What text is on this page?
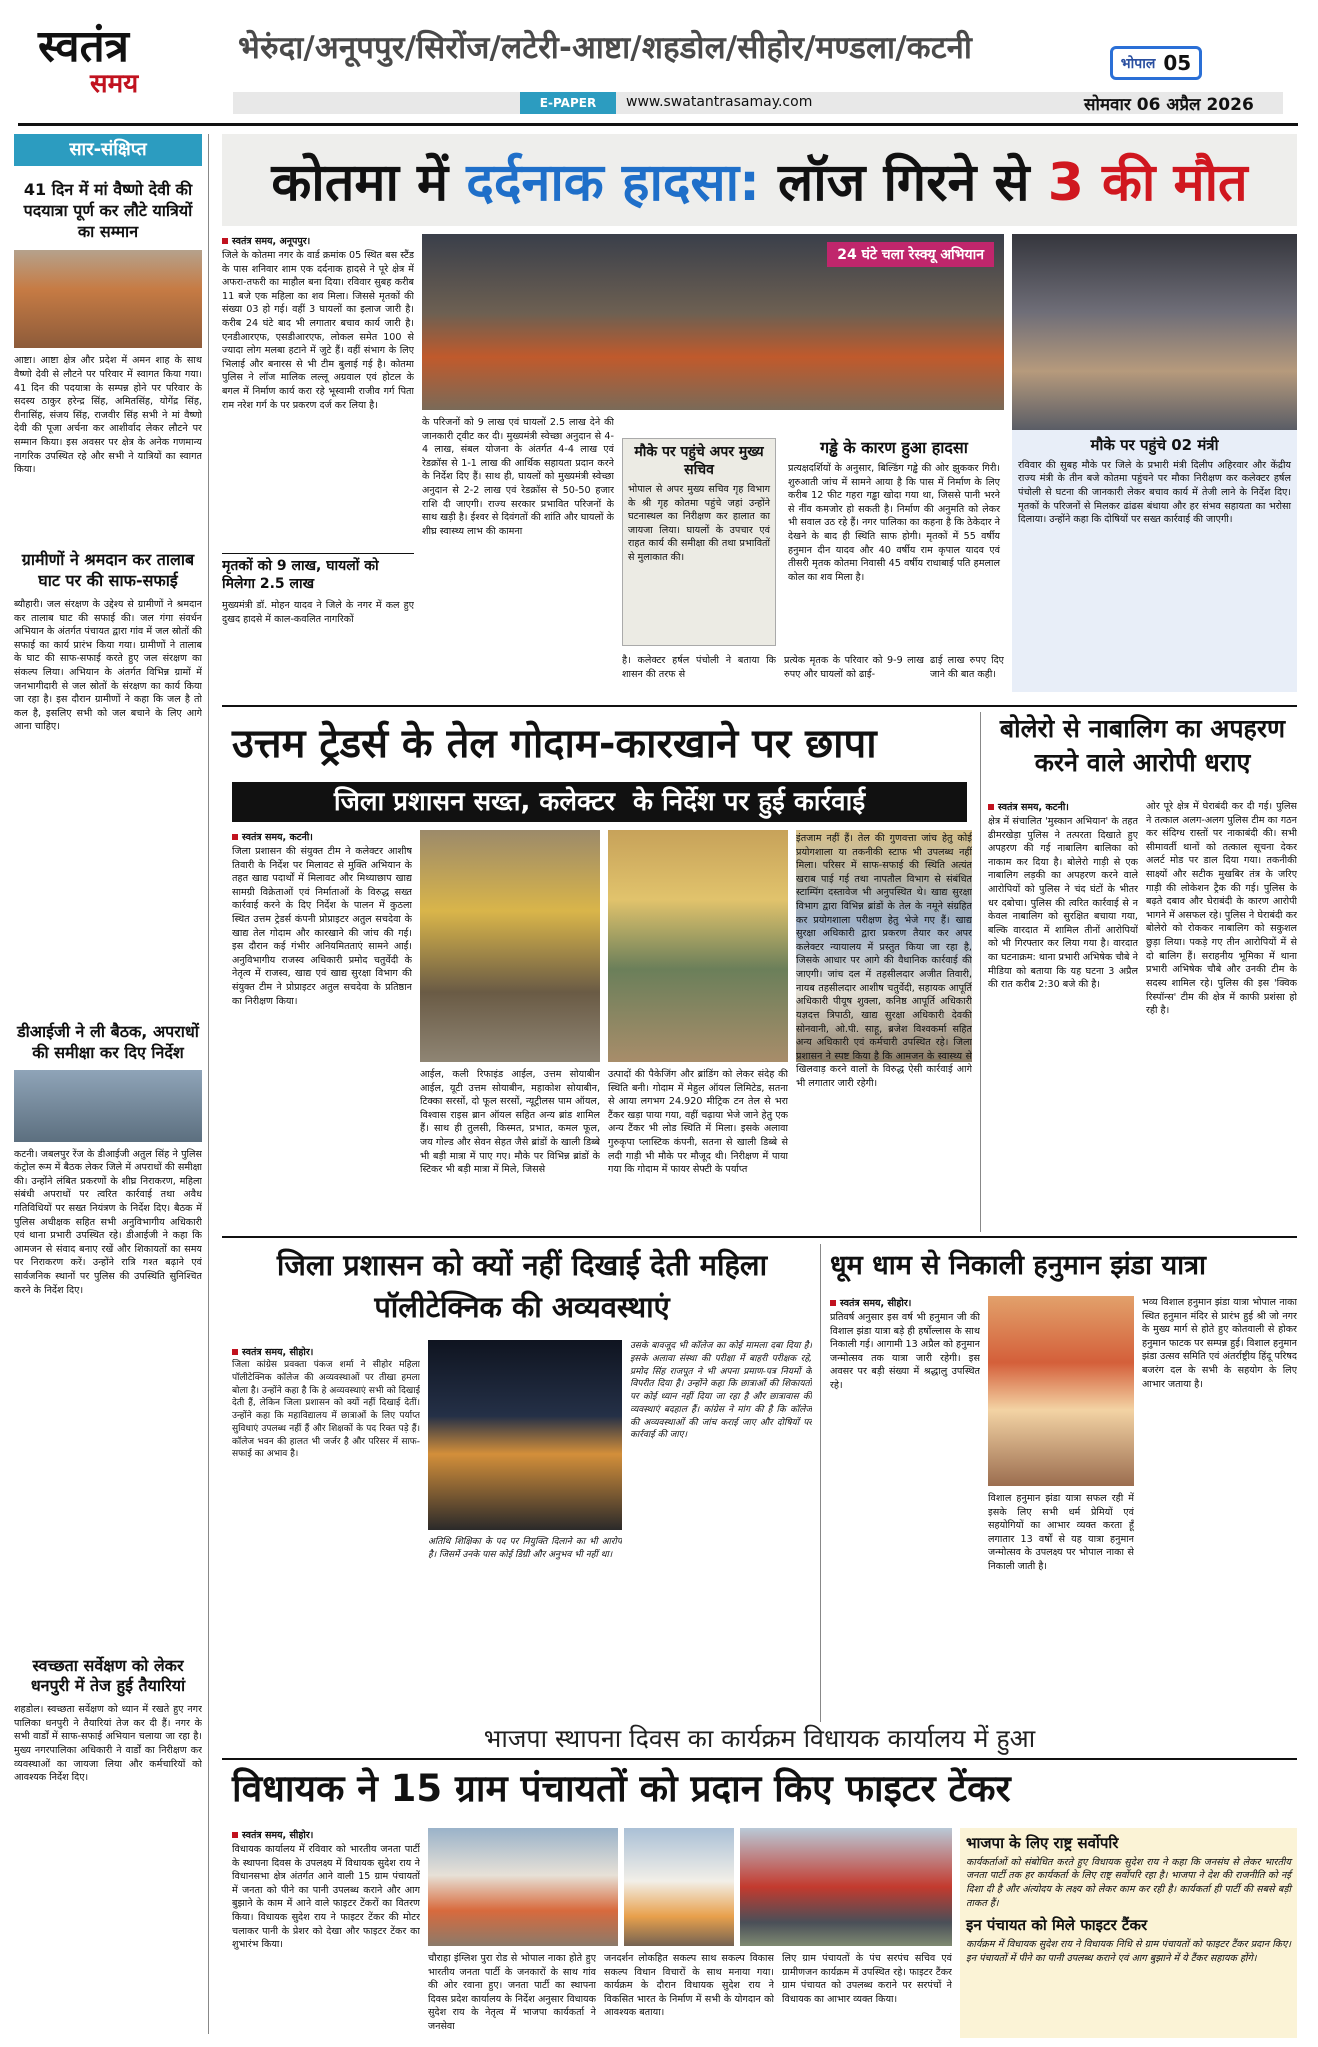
स्वतंत्र
समय
भेरुंदा/अनूपपुर/सिरोंज/लटेरी-आष्टा/शहडोल/सीहोर/मण्डला/कटनी	भोपाल 05
E-PAPER	www.swatantrasamay.com	सोमवार 06 अप्रैल 2026
सार-संक्षिप्त
41 दिन में मां वैष्णो देवी की पदयात्रा पूर्ण कर लौटे यात्रियों का सम्मान
आष्टा। आष्टा क्षेत्र और प्रदेश में अमन शाह के साथ वैष्णो देवी से लौटने पर परिवार में स्वागत किया गया। 41 दिन की पदयात्रा के सम्पन्न होने पर परिवार के सदस्य ठाकुर हरेन्द्र सिंह, अमितसिंह, योगेंद्र सिंह, रीनासिंह, संजय सिंह, राजवीर सिंह सभी ने मां वैष्णो देवी की पूजा अर्चना कर आशीर्वाद लेकर लौटने पर सम्मान किया। इस अवसर पर क्षेत्र के अनेक गणमान्य नागरिक उपस्थित रहे और सभी ने यात्रियों का स्वागत किया।
ग्रामीणों ने श्रमदान कर तालाब घाट पर की साफ-सफाई
ब्यौहारी। जल संरक्षण के उद्देश्य से ग्रामीणों ने श्रमदान कर तालाब घाट की सफाई की। जल गंगा संवर्धन अभियान के अंतर्गत पंचायत द्वारा गांव में जल स्रोतों की सफाई का कार्य प्रारंभ किया गया। ग्रामीणों ने तालाब के घाट की साफ-सफाई करते हुए जल संरक्षण का संकल्प लिया। अभियान के अंतर्गत विभिन्न ग्रामों में जनभागीदारी से जल स्रोतों के संरक्षण का कार्य किया जा रहा है। इस दौरान ग्रामीणों ने कहा कि जल है तो कल है, इसलिए सभी को जल बचाने के लिए आगे आना चाहिए।
डीआईजी ने ली बैठक, अपराधों की समीक्षा कर दिए निर्देश
कटनी। जबलपुर रेंज के डीआईजी अतुल सिंह ने पुलिस कंट्रोल रूम में बैठक लेकर जिले में अपराधों की समीक्षा की। उन्होंने लंबित प्रकरणों के शीघ्र निराकरण, महिला संबंधी अपराधों पर त्वरित कार्रवाई तथा अवैध गतिविधियों पर सख्त नियंत्रण के निर्देश दिए। बैठक में पुलिस अधीक्षक सहित सभी अनुविभागीय अधिकारी एवं थाना प्रभारी उपस्थित रहे। डीआईजी ने कहा कि आमजन से संवाद बनाए रखें और शिकायतों का समय पर निराकरण करें। उन्होंने रात्रि गश्त बढ़ाने एवं सार्वजनिक स्थानों पर पुलिस की उपस्थिति सुनिश्चित करने के निर्देश दिए।
स्वच्छता सर्वेक्षण को लेकर धनपुरी में तेज हुई तैयारियां
शहडोल। स्वच्छता सर्वेक्षण को ध्यान में रखते हुए नगर पालिका धनपुरी ने तैयारियां तेज कर दी हैं। नगर के सभी वार्डों में साफ-सफाई अभियान चलाया जा रहा है। मुख्य नगरपालिका अधिकारी ने वार्डों का निरीक्षण कर व्यवस्थाओं का जायजा लिया और कर्मचारियों को आवश्यक निर्देश दिए।
कोतमा में दर्दनाक हादसा: लॉज गिरने से 3 की मौत
स्वतंत्र समय, अनूपपुर।
जिले के कोतमा नगर के वार्ड क्रमांक 05 स्थित बस स्टैंड के पास शनिवार शाम एक दर्दनाक हादसे ने पूरे क्षेत्र में अफरा-तफरी का माहौल बना दिया। रविवार सुबह करीब 11 बजे एक महिला का शव मिला। जिससे मृतकों की संख्या 03 हो गई। वहीं 3 घायलों का इलाज जारी है। करीब 24 घंटे बाद भी लगातार बचाव कार्य जारी है। एनडीआरएफ, एसडीआरएफ, लोकल समेत 100 से ज्यादा लोग मलबा हटाने में जुटे हैं। वहीं संभाग के लिए भिलाई और बनारस से भी टीम बुलाई गई है। कोतमा पुलिस ने लॉज मालिक लल्लू अग्रवाल एवं होटल के बगल में निर्माण कार्य करा रहे भूस्वामी राजीव गर्ग पिता राम नरेश गर्ग के पर प्रकरण दर्ज कर लिया है।
मृतकों को 9 लाख, घायलों को मिलेगा 2.5 लाख
मुख्यमंत्री डॉ. मोहन यादव ने जिले के नगर में कल हुए दुखद हादसे में काल-कवलित नागरिकों
24 घंटे चला रेस्क्यू अभियान
के परिजनों को 9 लाख एवं घायलों 2.5 लाख देने की जानकारी ट्वीट कर दी। मुख्यमंत्री स्वेच्छा अनुदान से 4-4 लाख, संबल योजना के अंतर्गत 4-4 लाख एवं रेडक्रॉस से 1-1 लाख की आर्थिक सहायता प्रदान करने के निर्देश दिए हैं। साथ ही, घायलों को मुख्यमंत्री स्वेच्छा अनुदान से 2-2 लाख एवं रेडक्रॉस से 50-50 हजार राशि दी जाएगी। राज्य सरकार प्रभावित परिजनों के साथ खड़ी है। ईश्वर से दिवंगतों की शांति और घायलों के शीघ्र स्वास्थ्य लाभ की कामना
मौके पर पहुंचे अपर मुख्य सचिव
भोपाल से अपर मुख्य सचिव गृह विभाग के श्री गृह कोतमा पहुंचे जहां उन्होंने घटनास्थल का निरीक्षण कर हालात का जायजा लिया। घायलों के उपचार एवं राहत कार्य की समीक्षा की तथा प्रभावितों से मुलाकात की।
गड्ढे के कारण हुआ हादसा
प्रत्यक्षदर्शियों के अनुसार, बिल्डिंग गड्ढे की ओर झुककर गिरी। शुरुआती जांच में सामने आया है कि पास में निर्माण के लिए करीब 12 फीट गहरा गड्ढा खोदा गया था, जिससे पानी भरने से नींव कमजोर हो सकती है। निर्माण की अनुमति को लेकर भी सवाल उठ रहे हैं। नगर पालिका का कहना है कि ठेकेदार ने देखने के बाद ही स्थिति साफ होगी। मृतकों में 55 वर्षीय हनुमान दीन यादव और 40 वर्षीय राम कृपाल यादव एवं तीसरी मृतक कोतमा निवासी 45 वर्षीय राधाबाई पति हमलाल कोल का शव मिला है।
है। कलेक्टर हर्षल पंचोली ने बताया कि शासन की तरफ से
प्रत्येक मृतक के परिवार को 9-9 लाख रुपए और घायलों को ढाई-
ढाई लाख रुपए दिए जाने की बात कही।
मौके पर पहुंचे 02 मंत्री
रविवार की सुबह मौके पर जिले के प्रभारी मंत्री दिलीप अहिरवार और केंद्रीय राज्य मंत्री के तीन बजे कोतमा पहुंचने पर मौका निरीक्षण कर कलेक्टर हर्षल पंचोली से घटना की जानकारी लेकर बचाव कार्य में तेजी लाने के निर्देश दिए। मृतकों के परिजनों से मिलकर ढांढस बंधाया और हर संभव सहायता का भरोसा दिलाया। उन्होंने कहा कि दोषियों पर सख्त कार्रवाई की जाएगी।
उत्तम ट्रेडर्स के तेल गोदाम-कारखाने पर छापा
जिला प्रशासन सख्त, कलेक्टर  के निर्देश पर हुई कार्रवाई
स्वतंत्र समय, कटनी।
जिला प्रशासन की संयुक्त टीम ने कलेक्टर आशीष तिवारी के निर्देश पर मिलावट से मुक्ति अभियान के तहत खाद्य पदार्थों में मिलावट और मिथ्याछाप खाद्य सामग्री विक्रेताओं एवं निर्माताओं के विरुद्ध सख्त कार्रवाई करने के दिए निर्देश के पालन में कुठला स्थित उत्तम ट्रेडर्स कंपनी प्रोप्राइटर अतुल सचदेवा के खाद्य तेल गोदाम और कारखाने की जांच की गई। इस दौरान कई गंभीर अनियमितताएं सामने आईं। अनुविभागीय राजस्व अधिकारी प्रमोद चतुर्वेदी के नेतृत्व में राजस्व, खाद्य एवं खाद्य सुरक्षा विभाग की संयुक्त टीम ने प्रोप्राइटर अतुल सचदेवा के प्रतिष्ठान का निरीक्षण किया।
आईल, कली रिफाइंड आईल, उत्तम सोयाबीन आईल, यूटी उत्तम सोयाबीन, महाकोश सोयाबीन, टिक्का सरसों, दो फूल सरसों, न्यूट्रीलस पाम ऑयल, विश्वास राइस ब्रान ऑयल सहित अन्य ब्रांड शामिल हैं। साथ ही तुलसी, किस्मत, प्रभात, कमल फूल, जय गोल्ड और सेवन सेहत जैसे ब्रांडों के खाली डिब्बे भी बड़ी मात्रा में पाए गए। मौके पर विभिन्न ब्रांडों के स्टिकर भी बड़ी मात्रा में मिले, जिससे
उत्पादों की पैकेजिंग और ब्रांडिंग को लेकर संदेह की स्थिति बनी। गोदाम में मेहुल ऑयल लिमिटेड, सतना से आया लगभग 24.920 मीट्रिक टन तेल से भरा टैंकर खड़ा पाया गया, वहीं चढ़ाया भेजे जाने हेतु एक अन्य टैंकर भी लोड स्थिति में मिला। इसके अलावा गुरुकृपा प्लास्टिक कंपनी, सतना से खाली डिब्बे से लदी गाड़ी भी मौके पर मौजूद थी। निरीक्षण में पाया गया कि गोदाम में फायर सेफ्टी के पर्याप्त
इंतजाम नहीं हैं। तेल की गुणवत्ता जांच हेतु कोई प्रयोगशाला या तकनीकी स्टाफ भी उपलब्ध नहीं मिला। परिसर में साफ-सफाई की स्थिति अत्यंत खराब पाई गई तथा नापतौल विभाग से संबंधित स्टाम्पिंग दस्तावेज भी अनुपस्थित थे। खाद्य सुरक्षा विभाग द्वारा विभिन्न ब्रांडों के तेल के नमूने संग्रहित कर प्रयोगशाला परीक्षण हेतु भेजे गए हैं। खाद्य सुरक्षा अधिकारी द्वारा प्रकरण तैयार कर अपर कलेक्टर न्यायालय में प्रस्तुत किया जा रहा है, जिसके आधार पर आगे की वैधानिक कार्रवाई की जाएगी। जांच दल में तहसीलदार अजीत तिवारी, नायब तहसीलदार आशीष चतुर्वेदी, सहायक आपूर्ति अधिकारी पीयूष शुक्ला, कनिष्ठ आपूर्ति अधिकारी यज्ञदत्त त्रिपाठी, खाद्य सुरक्षा अधिकारी देवकी सोनवानी, ओ.पी. साहू, ब्रजेश विश्वकर्मा सहित अन्य अधिकारी एवं कर्मचारी उपस्थित रहे। जिला प्रशासन ने स्पष्ट किया है कि आमजन के स्वास्थ्य से खिलवाड़ करने वालों के विरुद्ध ऐसी कार्रवाई आगे भी लगातार जारी रहेगी।
बोलेरो से नाबालिग का अपहरण करने वाले आरोपी धराए
स्वतंत्र समय, कटनी।
क्षेत्र में संचालित 'मुस्कान अभियान' के तहत ढीमरखेड़ा पुलिस ने तत्परता दिखाते हुए अपहरण की गई नाबालिग बालिका को नाकाम कर दिया है। बोलेरो गाड़ी से एक नाबालिग लड़की का अपहरण करने वाले आरोपियों को पुलिस ने चंद घंटों के भीतर धर दबोचा। पुलिस की त्वरित कार्रवाई से न केवल नाबालिग को सुरक्षित बचाया गया, बल्कि वारदात में शामिल तीनों आरोपियों को भी गिरफ्तार कर लिया गया है। वारदात का घटनाक्रम: थाना प्रभारी अभिषेक चौबे ने मीडिया को बताया कि यह घटना 3 अप्रैल की रात करीब 2:30 बजे की है।
ओर पूरे क्षेत्र में घेराबंदी कर दी गई। पुलिस ने तत्काल अलग-अलग पुलिस टीम का गठन कर संदिग्ध रास्तों पर नाकाबंदी की। सभी सीमावर्ती थानों को तत्काल सूचना देकर अलर्ट मोड पर डाल दिया गया। तकनीकी साक्ष्यों और सटीक मुखबिर तंत्र के जरिए गाड़ी की लोकेशन ट्रैक की गई। पुलिस के बढ़ते दबाव और घेराबंदी के कारण आरोपी भागने में असफल रहे। पुलिस ने घेराबंदी कर बोलेरो को रोककर नाबालिग को सकुशल छुड़ा लिया। पकड़े गए तीन आरोपियों में से दो बालिग हैं। सराहनीय भूमिका में थाना प्रभारी अभिषेक चौबे और उनकी टीम के सदस्य शामिल रहे। पुलिस की इस 'क्विक रिस्पॉन्स' टीम की क्षेत्र में काफी प्रशंसा हो रही है।
जिला प्रशासन को क्यों नहीं दिखाई देती महिला पॉलीटेक्निक की अव्यवस्थाएं
स्वतंत्र समय, सीहोर।
जिला कांग्रेस प्रवक्ता पंकज शर्मा ने सीहोर महिला पॉलीटेक्निक कॉलेज की अव्यवस्थाओं पर तीखा हमला बोला है। उन्होंने कहा है कि हे अव्यवस्थाएं सभी को दिखाई देती हैं, लेकिन जिला प्रशासन को क्यों नहीं दिखाई देतीं। उन्होंने कहा कि महाविद्यालय में छात्राओं के लिए पर्याप्त सुविधाएं उपलब्ध नहीं हैं और शिक्षकों के पद रिक्त पड़े हैं। कॉलेज भवन की हालत भी जर्जर है और परिसर में साफ-सफाई का अभाव है।
अतिथि शिक्षिका के पद पर नियुक्ति दिलाने का भी आरोप है। जिसमें उनके पास कोई डिग्री और अनुभव भी नहीं था।
उसके बावजूद भी कॉलेज का कोई मामला दबा दिया है। इसके अलावा संस्था की परीक्षा में बाहरी परीक्षक रहे, प्रमोद सिंह राजपूत ने भी अपना प्रमाण-पत्र नियमों के विपरीत दिया है। उन्होंने कहा कि छात्राओं की शिकायतों पर कोई ध्यान नहीं दिया जा रहा है और छात्रावास की व्यवस्थाएं बदहाल हैं। कांग्रेस ने मांग की है कि कॉलेज की अव्यवस्थाओं की जांच कराई जाए और दोषियों पर कार्रवाई की जाए।
धूम धाम से निकाली हनुमान झंडा यात्रा
स्वतंत्र समय, सीहोर।
प्रतिवर्ष अनुसार इस वर्ष भी हनुमान जी की विशाल झंडा यात्रा बड़े ही हर्षोल्लास के साथ निकाली गई। आगामी 13 अप्रैल को हनुमान जन्मोत्सव तक यात्रा जारी रहेगी। इस अवसर पर बड़ी संख्या में श्रद्धालु उपस्थित रहे।
विशाल हनुमान झंडा यात्रा सफल रही में इसके लिए सभी धर्म प्रेमियों एवं सहयोगियों का आभार व्यक्त करता हूँ लगातार 13 वर्षों से यह यात्रा हनुमान जन्मोत्सव के उपलक्ष्य पर भोपाल नाका से निकाली जाती है।
भव्य विशाल हनुमान झंडा यात्रा भोपाल नाका स्थित हनुमान मंदिर से प्रारंभ हुई श्री जो नगर के मुख्य मार्ग से होते हुए कोतवाली से होकर हनुमान फाटक पर सम्पन्न हुई। विशाल हनुमान झंडा उत्सव समिति एवं अंतर्राष्ट्रीय हिंदू परिषद बजरंग दल के सभी के सहयोग के लिए आभार जताया है।
भाजपा स्थापना दिवस का कार्यक्रम विधायक कार्यालय में हुआ
विधायक ने 15 ग्राम पंचायतों को प्रदान किए फाइटर टेंकर
स्वतंत्र समय, सीहोर।
विधायक कार्यालय में रविवार को भारतीय जनता पार्टी के स्थापना दिवस के उपलक्ष्य में विधायक सुदेश राय ने विधानसभा क्षेत्र अंतर्गत आने वाली 15 ग्राम पंचायतों में जनता को पीने का पानी उपलब्ध कराने और आग बुझाने के काम में आने वाले फाइटर टेंकरों का वितरण किया। विधायक सुदेश राय ने फाइटर टेंकर की मोटर चलाकर पानी के प्रेशर को देखा और फाइटर टेंकर का शुभारंभ किया।
चौराहा इंग्लिश पुरा रोड से भोपाल नाका होते हुए भारतीय जनता पार्टी के जनकारों के साथ गांव की ओर रवाना हुए। जनता पार्टी का स्थापना दिवस प्रदेश कार्यालय के निर्देश अनुसार विधायक सुदेश राय के नेतृत्व में भाजपा कार्यकर्ता ने जनसेवा
जनदर्शन लोकहित सकल्प साथ सकल्प विकास सकल्प विधान विचारों के साथ मनाया गया। कार्यक्रम के दौरान विधायक सुदेश राय ने विकसित भारत के निर्माण में सभी के योगदान को आवश्यक बताया।
लिए ग्राम पंचायतों के पंच सरपंच सचिव एवं ग्रामीणजन कार्यक्रम में उपस्थित रहे। फाइटर टैंकर ग्राम पंचायत को उपलब्ध कराने पर सरपंचों ने विधायक का आभार व्यक्त किया।
भाजपा के लिए राष्ट्र सर्वोपरि
कार्यकर्ताओं को संबोधित करते हुए विधायक सुदेश राय ने कहा कि जनसंघ से लेकर भारतीय जनता पार्टी तक हर कार्यकर्ता के लिए राष्ट्र सर्वोपरि रहा है। भाजपा ने देश की राजनीति को नई दिशा दी है और अंत्योदय के लक्ष्य को लेकर काम कर रही है। कार्यकर्ता ही पार्टी की सबसे बड़ी ताकत हैं।
इन पंचायत को मिले फाइटर टैंकर
कार्यक्रम में विधायक सुदेश राय ने विधायक निधि से ग्राम पंचायतों को फाइटर टैंकर प्रदान किए। इन पंचायतों में पीने का पानी उपलब्ध कराने एवं आग बुझाने में ये टैंकर सहायक होंगे।
